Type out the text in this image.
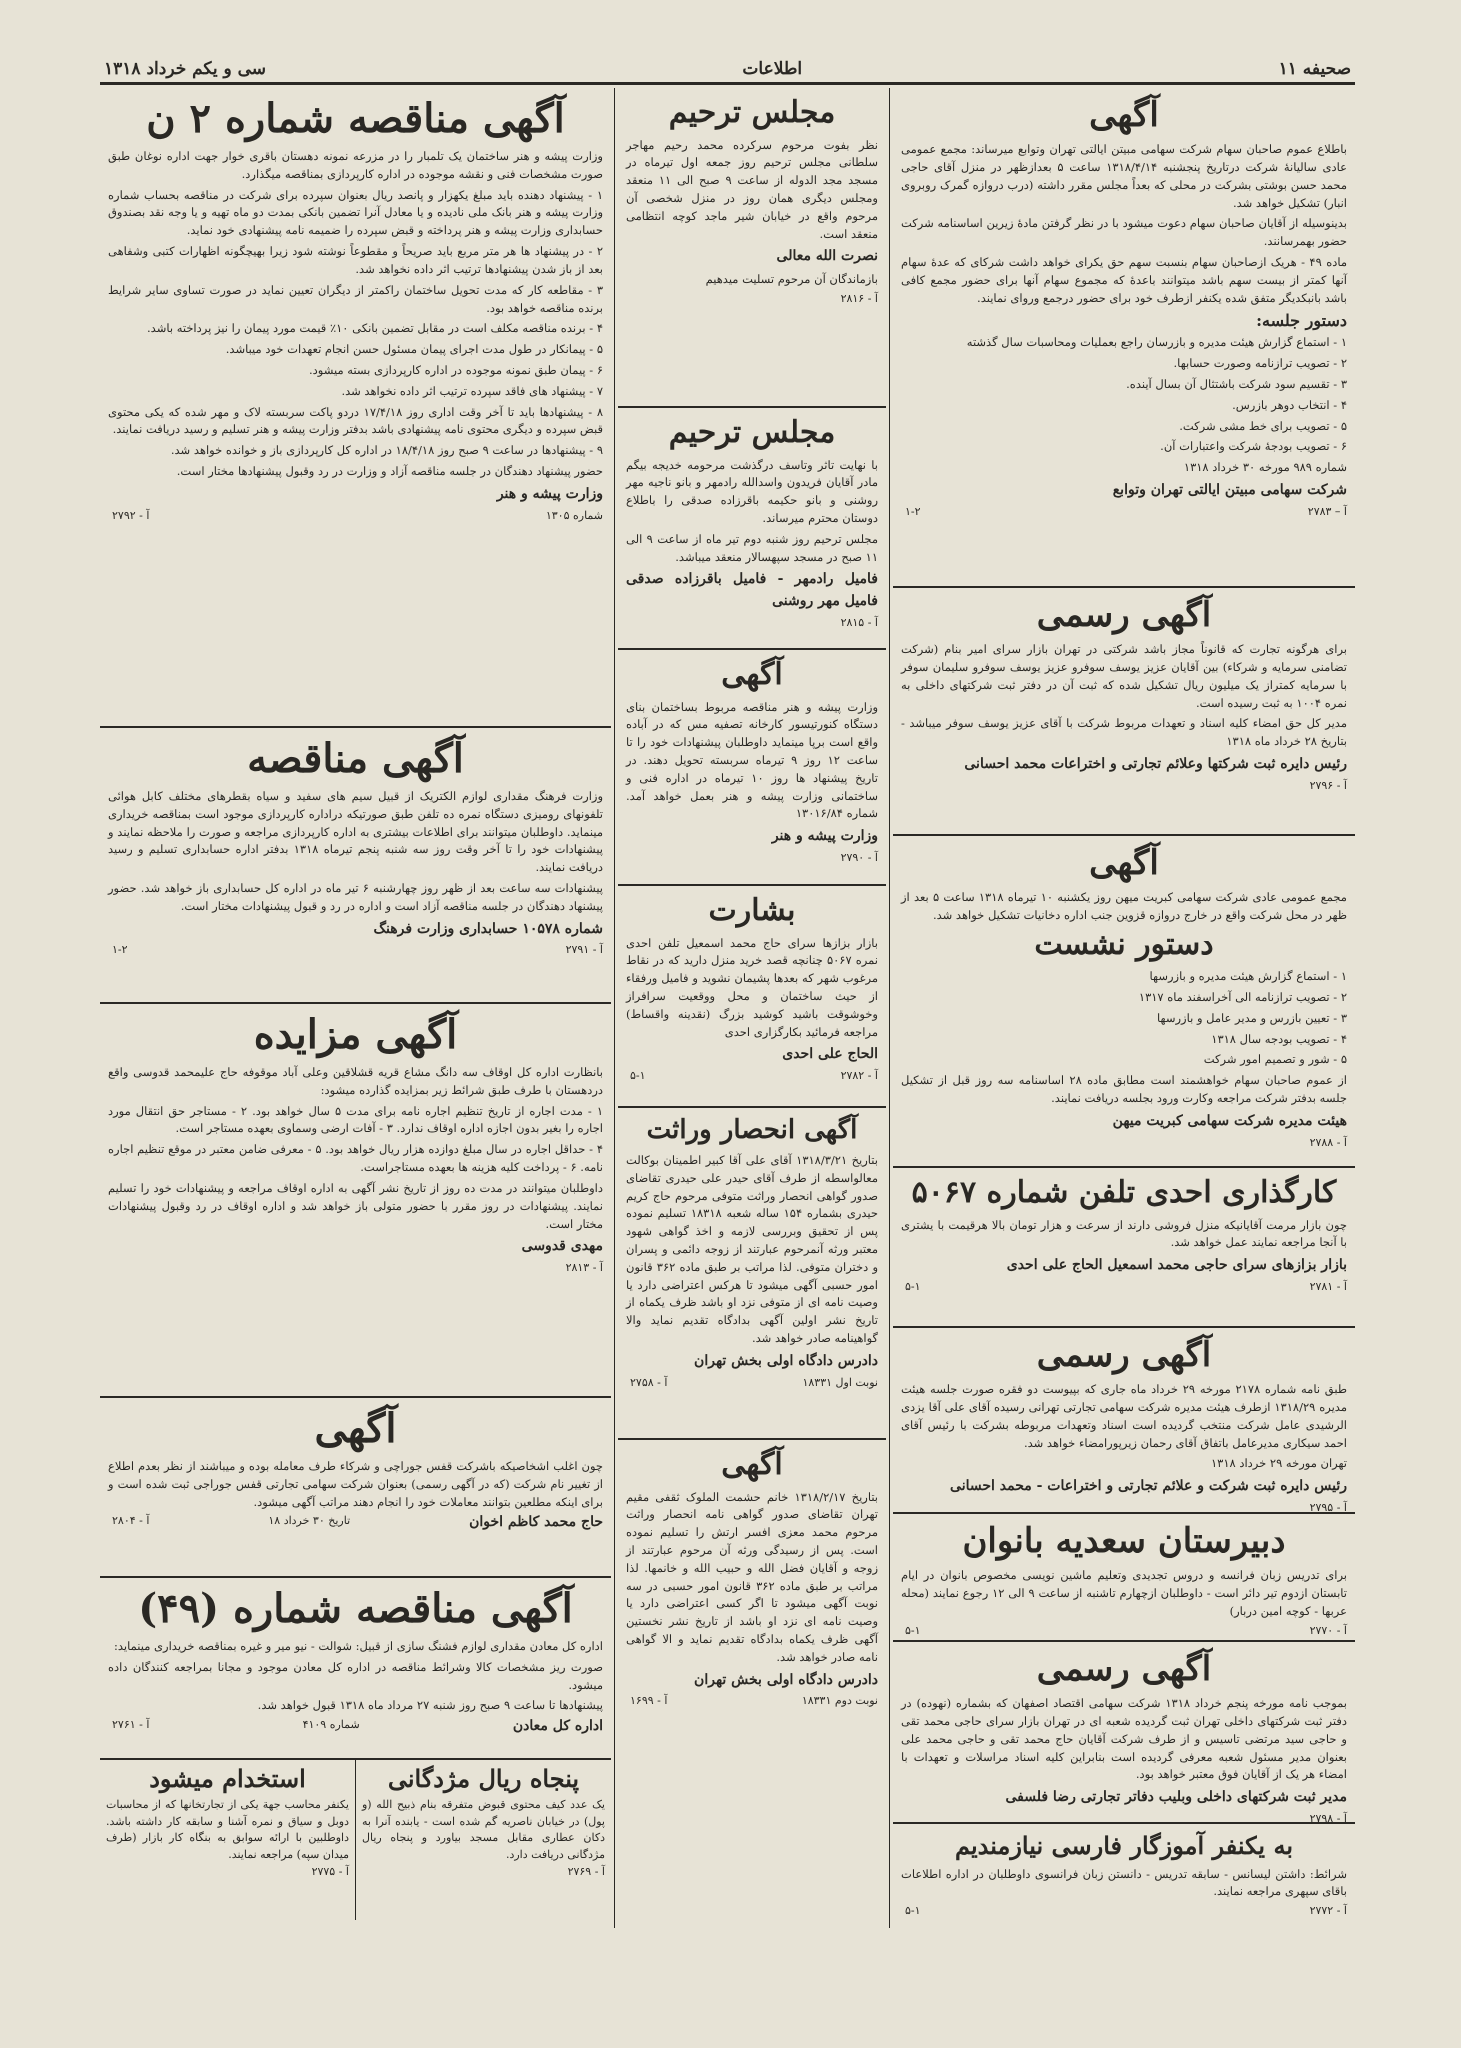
صحیفه ۱۱
اطلاعات
سی و یکم خرداد ۱۳۱۸
آگهی

باطلاع عموم صاحبان سهام شرکت سهامی مبیتن ایالتی تهران وتوابع میرساند: مجمع عمومی عادی سالیانهٔ شرکت درتاریخ پنجشنبه ۱۳۱۸/۴/۱۴ ساعت ۵ بعدازظهر در منزل آقای حاجی محمد حسن بوشتی بشرکت در محلی که بعداً مجلس مقرر داشته (درب دروازه گمرک روبروی انبار) تشکیل خواهد شد.

بدینوسیله از آقایان صاحبان سهام دعوت میشود با در نظر گرفتن مادهٔ زیرین اساسنامه شرکت حضور بهمرسانند.

ماده ۴۹ - هریک ازصاحبان سهام بنسبت سهم حق یکرای خواهد داشت شرکای که عدهٔ سهام آنها کمتر از بیست سهم باشد میتوانند باعدهٔ که مجموع سهام آنها برای حضور مجمع کافی باشد بانبکدیگر متفق شده یکنفر ازطرف خود برای حضور درجمع وروای نمایند.

دستور جلسه:

۱ - استماع گزارش هیئت مدیره و بازرسان راجع بعملیات ومحاسبات سال گذشته

۲ - تصویب ترازنامه وصورت حسابها.

۳ - تقسیم سود شرکت باشتثال آن بسال آینده.

۴ - انتخاب دوهر بازرس.

۵ - تصویب برای خط مشی شرکت.

۶ - تصویب بودجهٔ شرکت واعتبارات آن.

شماره ۹۸۹ مورخه ۳۰ خرداد ۱۳۱۸

شرکت سهامی مبیتن ایالتی تهران وتوابع

آ – ۲۷۸۳
۱-۲
آگهی رسمی

برای هرگونه تجارت که قانوناً مجاز باشد شرکتی در تهران بازار سرای امیر بنام (شرکت تضامنی سرمایه و شرکاء) بین آقایان عزیز یوسف سوفرو عزیز یوسف سوفرو سلیمان سوفر با سرمایه کمتراز یک میلیون ریال تشکیل شده که ثبت آن در دفتر ثبت شرکتهای داخلی به نمره ۱۰۰۴ به ثبت رسیده است.

مدیر کل حق امضاء کلیه اسناد و تعهدات مربوط شرکت با آقای عزیز یوسف سوفر میباشد - بتاریخ ۲۸ خرداد ماه ۱۳۱۸

رئیس دایره ثبت شرکتها وعلائم تجارتی و اختراعات محمد احسانی

آ - ۲۷۹۶
آگهی

مجمع عمومی عادی شرکت سهامی کبریت میهن روز یکشنبه ۱۰ تیرماه ۱۳۱۸ ساعت ۵ بعد از ظهر در محل شرکت واقع در خارج دروازه قزوین جنب اداره دخانیات تشکیل خواهد شد.

دستور نشست

۱ - استماع گزارش هیئت مدیره و بازرسها

۲ - تصویب ترازنامه الی آخراسفند ماه ۱۳۱۷

۳ - تعیین بازرس و مدیر عامل و بازرسها

۴ - تصویب بودجه سال ۱۳۱۸

۵ - شور و تصمیم امور شرکت

از عموم صاحبان سهام خواهشمند است مطابق ماده ۲۸ اساسنامه سه روز قبل از تشکیل جلسه بدفتر شرکت مراجعه وکارت ورود بجلسه دریافت نمایند.

هیئت مدیره شرکت سهامی کبریت میهن

آ - ۲۷۸۸
کارگذاری احدی تلفن شماره ۵۰۶۷

چون بازار مرمت آقایانیکه منزل فروشی دارند از سرعت و هزار تومان بالا هرقیمت با یشتری با آنجا مراجعه نمایند عمل خواهد شد.

بازار بزازهای سرای حاجی محمد اسمعیل الحاج علی احدی

آ - ۲۷۸۱
۵-۱
آگهی رسمی

طبق نامه شماره ۲۱۷۸ مورخه ۲۹ خرداد ماه جاری که بپیوست دو فقره صورت جلسه هیئت مدیره ۱۳۱۸/۲۹ ازطرف هیئت مدیره شرکت سهامی تجارتی تهرانی رسیده آقای علی آقا یزدی الرشیدی عامل شرکت منتخب گردیده است اسناد وتعهدات مربوطه بشرکت با رئیس آقای احمد سیکاری مدیرعامل باتفاق آقای رحمان زیرپورامضاء خواهد شد.

تهران مورخه ۲۹ خرداد ۱۳۱۸

رئیس دایره ثبت شرکت و علائم تجارتی و اختراعات - محمد احسانی

آ - ۲۷۹۵
دبیرستان سعدیه بانوان

برای تدریس زبان فرانسه و دروس تجدیدی وتعلیم ماشین نویسی مخصوص بانوان در ایام تابستان ازدوم تیر دائر است - داوطلبان ازچهارم تاشنبه از ساعت ۹ الی ۱۲ رجوع نمایند (محله عربها - کوچه امین دربار)

آ - ۲۷۷۰
۵-۱
آگهی رسمی

بموجب نامه مورخه پنجم خرداد ۱۳۱۸ شرکت سهامی اقتصاد اصفهان که بشماره (نهوده) در دفتر ثبت شرکتهای داخلی تهران ثبت گردیده شعبه ای در تهران بازار سرای حاجی محمد تقی و حاجی سید مرتضی تاسیس و از طرف شرکت آقایان حاج محمد تقی و حاجی محمد علی بعنوان مدیر مسئول شعبه معرفی گردیده است بنابراین کلیه اسناد مراسلات و تعهدات با امضاء هر یک از آقایان فوق معتبر خواهد بود.

مدیر ثبت شرکتهای داخلی وبلیب دفاتر تجارتی رضا فلسفی

آ - ۲۷۹۸
به یکنفر آموزگار فارسی نیازمندیم

شرائط: داشتن لیسانس - سابقه تدریس - دانستن زبان فرانسوی داوطلبان در اداره اطلاعات باقای سپهری مراجعه نمایند.

آ - ۲۷۷۲
۵-۱
مجلس ترحیم

نظر بفوت مرحوم سرکرده محمد رحیم مهاجر سلطانی مجلس ترحیم روز جمعه اول تیرماه در مسجد مجد الدوله از ساعت ۹ صبح الی ۱۱ منعقد ومجلس دیگری همان روز در منزل شخصی آن مرحوم واقع در خیابان شیر ماجد کوچه انتظامی منعقد است.

نصرت الله معالی

بازماندگان آن مرحوم تسلیت میدهیم

آ - ۲۸۱۶
مجلس ترحیم

با نهایت تاثر وتاسف درگذشت مرحومه خدیجه بیگم مادر آقایان فریدون واسدالله رادمهر و بانو ناجیه مهر روشنی و بانو حکیمه باقرزاده صدقی را باطلاع دوستان محترم میرساند.

مجلس ترحیم روز شنبه دوم تیر ماه از ساعت ۹ الی ۱۱ صبح در مسجد سپهسالار منعقد میباشد.

فامیل رادمهر - فامیل باقرزاده صدقی فامیل مهر روشنی

آ - ۲۸۱۵
آگهی

وزارت پیشه و هنر مناقصه مربوط بساختمان بنای دستگاه کنورتیسور کارخانه تصفیه مس که در آباده واقع است برپا مینماید داوطلبان پیشنهادات خود را تا ساعت ۱۲ روز ۹ تیرماه سربسته تحویل دهند. در تاریخ پیشنهاد ها روز ۱۰ تیرماه در اداره فنی و ساختمانی وزارت پیشه و هنر بعمل خواهد آمد. شماره ۱۳۰۱۶/۸۴

وزارت پیشه و هنر

آ - ۲۷۹۰
بشارت

بازار بزازها سرای حاج محمد اسمعیل تلفن احدی نمره ۵۰۶۷ چنانچه قصد خرید منزل دارید که در نقاط مرغوب شهر که بعدها پشیمان نشوید و فامیل ورفقاء از حیث ساختمان و محل ووقعیت سرافراز وخوشوقت باشید کوشید بزرگ (نقدینه واقساط) مراجعه فرمائید بکارگزاری احدی

الحاج علی احدی

آ - ۲۷۸۲
۵-۱
آگهی انحصار وراثت

بتاریخ ۱۳۱۸/۳/۲۱ آقای علی آقا کبیر اطمینان بوکالت معالواسطه از طرف آقای حیدر علی حیدری تقاضای صدور گواهی انحصار وراثت متوفی مرحوم حاج کریم حیدری بشماره ۱۵۴ ساله شعبه ۱۸۳۱۸ تسلیم نموده پس از تحقیق وبررسی لازمه و اخذ گواهی شهود معتبر ورثه آنمرحوم عبارتند از زوجه دائمی و پسران و دختران متوفی. لذا مراتب بر طبق ماده ۳۶۲ قانون امور حسبی آگهی میشود تا هرکس اعتراضی دارد یا وصیت نامه ای از متوفی نزد او باشد ظرف یکماه از تاریخ نشر اولین آگهی بدادگاه تقدیم نماید والا گواهینامه صادر خواهد شد.

دادرس دادگاه اولی بخش تهران

نوبت اول ۱۸۳۳۱
آ - ۲۷۵۸
آگهی

بتاریخ ۱۳۱۸/۲/۱۷ خانم حشمت الملوک ثقفی مقیم تهران تقاضای صدور گواهی نامه انحصار وراثت مرحوم محمد معزی افسر ارتش را تسلیم نموده است. پس از رسیدگی ورثه آن مرحوم عبارتند از زوجه و آقایان فضل الله و حبیب الله و خانمها. لذا مراتب بر طبق ماده ۳۶۲ قانون امور حسبی در سه نوبت آگهی میشود تا اگر کسی اعتراضی دارد یا وصیت نامه ای نزد او باشد از تاریخ نشر نخستین آگهی ظرف یکماه بدادگاه تقدیم نماید و الا گواهی نامه صادر خواهد شد.

دادرس دادگاه اولی بخش تهران

نوبت دوم ۱۸۳۳۱
آ - ۱۶۹۹
آگهی مناقصه شماره ۲ ن

وزارت پیشه و هنر ساختمان یک تلمبار را در مزرعه نمونه دهستان باقری خوار جهت اداره نوغان طبق صورت مشخصات فنی و نقشه موجوده در اداره کارپردازی بمناقصه میگذارد.

۱ - پیشنهاد دهنده باید مبلغ یکهزار و پانصد ریال بعنوان سپرده برای شرکت در مناقصه بحساب شماره وزارت پیشه و هنر بانک ملی نادیده و یا معادل آنرا تضمین بانکی بمدت دو ماه تهیه و یا وجه نقد بصندوق حسابداری وزارت پیشه و هنر پرداخته و قبض سپرده را ضمیمه نامه پیشنهادی خود نماید.

۲ - در پیشنهاد ها هر متر مربع باید صریحاً و مقطوعاً نوشته شود زیرا بهیچگونه اظهارات کتبی وشفاهی بعد از باز شدن پیشنهادها ترتیب اثر داده نخواهد شد.

۳ - مقاطعه کار که مدت تحویل ساختمان راکمتر از دیگران تعیین نماید در صورت تساوی سایر شرایط برنده مناقصه خواهد بود.

۴ - برنده مناقصه مکلف است در مقابل تضمین بانکی ۱۰٪ قیمت مورد پیمان را نیز پرداخته باشد.

۵ - پیمانکار در طول مدت اجرای پیمان مسئول حسن انجام تعهدات خود میباشد.

۶ - پیمان طبق نمونه موجوده در اداره کارپردازی بسته میشود.

۷ - پیشنهاد های فاقد سپرده ترتیب اثر داده نخواهد شد.

۸ - پیشنهادها باید تا آخر وقت اداری روز ۱۷/۴/۱۸ دردو پاکت سربسته لاک و مهر شده که یکی محتوی قبض سپرده و دیگری محتوی نامه پیشنهادی باشد بدفتر وزارت پیشه و هنر تسلیم و رسید دریافت نمایند.

۹ - پیشنهادها در ساعت ۹ صبح روز ۱۸/۴/۱۸ در اداره کل کارپردازی باز و خوانده خواهد شد.

حضور پیشنهاد دهندگان در جلسه مناقصه آزاد و وزارت در رد وقبول پیشنهادها مختار است.

وزارت پیشه و هنر

شماره ۱۳۰۵
آ - ۲۷۹۲
آگهی مناقصه

وزارت فرهنگ مقداری لوازم الکتریک از قبیل سیم های سفید و سیاه بقطرهای مختلف کابل هوائی تلفونهای رومیزی دستگاه نمره ده تلفن طبق صورتیکه دراداره کارپردازی موجود است بمناقصه خریداری مینماید. داوطلبان میتوانند برای اطلاعات بیشتری به اداره کارپردازی مراجعه و صورت را ملاحظه نمایند و پیشنهادات خود را تا آخر وقت روز سه شنبه پنجم تیرماه ۱۳۱۸ بدفتر اداره حسابداری تسلیم و رسید دریافت نمایند.

پیشنهادات سه ساعت بعد از ظهر روز چهارشنبه ۶ تیر ماه در اداره کل حسابداری باز خواهد شد. حضور پیشنهاد دهندگان در جلسه مناقصه آزاد است و اداره در رد و قبول پیشنهادات مختار است.

شماره ۱۰۵۷۸ حسابداری وزارت فرهنگ

آ - ۲۷۹۱
۱-۲
آگهی مزایده

بانظارت اداره کل اوقاف سه دانگ مشاع قریه قشلاقین وعلی آباد موقوفه حاج علیمحمد قدوسی واقع دردهستان با طرف طبق شرائط زیر بمزایده گذارده میشود:

۱ - مدت اجاره از تاریخ تنظیم اجاره نامه برای مدت ۵ سال خواهد بود. ۲ - مستاجر حق انتقال مورد اجاره را بغیر بدون اجازه اداره اوقاف ندارد. ۳ - آفات ارضی وسماوی بعهده مستاجر است.

۴ - حداقل اجاره در سال مبلغ دوازده هزار ریال خواهد بود. ۵ - معرفی ضامن معتبر در موقع تنظیم اجاره نامه. ۶ - پرداخت کلیه هزینه ها بعهده مستاجراست.

داوطلبان میتوانند در مدت ده روز از تاریخ نشر آگهی به اداره اوقاف مراجعه و پیشنهادات خود را تسلیم نمایند. پیشنهادات در روز مقرر با حضور متولی باز خواهد شد و اداره اوقاف در رد وقبول پیشنهادات مختار است.

مهدی قدوسی

آ - ۲۸۱۳
آگهی

چون اغلب اشخاصیکه باشرکت قفس جوراچی و شرکاء طرف معامله بوده و میباشند از نظر بعدم اطلاع از تغییر نام شرکت (که در آگهی رسمی) بعنوان شرکت سهامی تجارتی قفس جوراجی ثبت شده است و برای اینکه مطلعین بتوانند معاملات خود را انجام دهند مراتب آگهی میشود.

حاج محمد کاظم اخوان
تاریخ ۳۰ خرداد ۱۸
آ - ۲۸۰۴
آگهی مناقصه شماره (۴۹)

اداره کل معادن مقداری لوازم فشنگ سازی از قبیل: شوالت - نیو میر و غیره بمناقصه خریداری مینماید:

صورت ریز مشخصات کالا وشرائط مناقصه در اداره کل معادن موجود و مجانا بمراجعه کنندگان داده میشود.

پیشنهادها تا ساعت ۹ صبح روز شنبه ۲۷ مرداد ماه ۱۳۱۸ قبول خواهد شد.

اداره کل معادن
شماره ۴۱۰۹
آ - ۲۷۶۱
پنجاه ریال مژدگانی

یک عدد کیف محتوی قبوض متفرقه بنام ذبیح الله (و پول) در خیابان ناصریه گم شده است - یابنده آنرا به دکان عطاری مقابل مسجد بیاورد و پنجاه ریال مژدگانی دریافت دارد.

آ - ۲۷۶۹

استخدام میشود

یکنفر محاسب جهة یکی از تجارتخانها که از محاسبات دوبل و سیاق و نمره آشنا و سابقه کار داشته باشد. داوطلبین با ارائه سوابق به بنگاه کار بازار (طرف میدان سپه) مراجعه نمایند.

آ - ۲۷۷۵
